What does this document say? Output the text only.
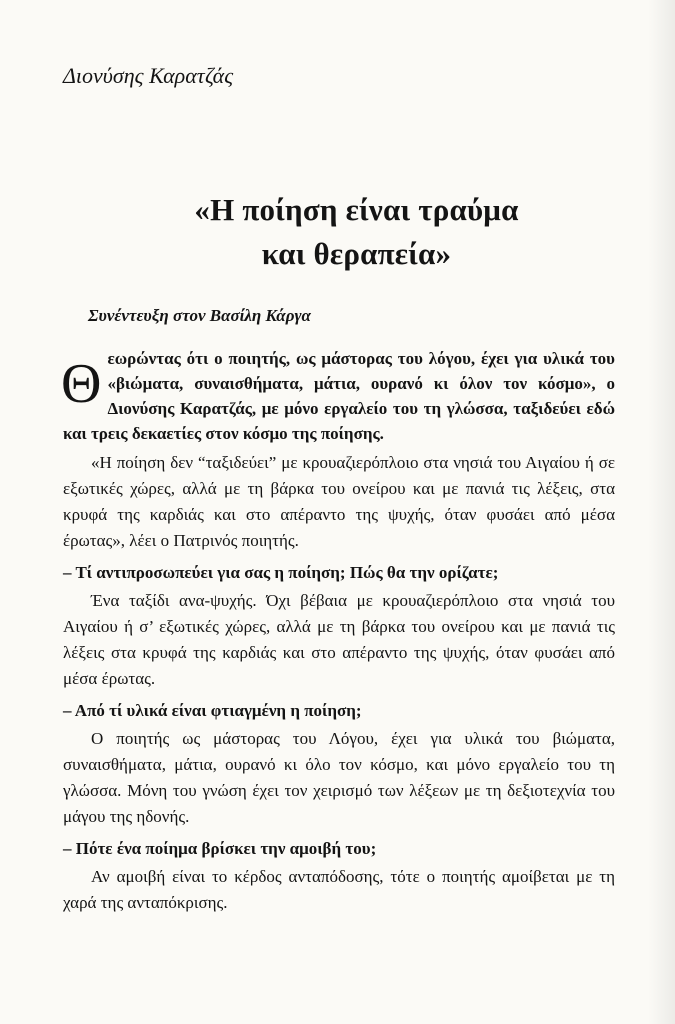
Διονύσης Καρατζάς
«Η ποίηση είναι τραύμα
και θεραπεία»
Συνέντευξη στον Βασίλη Κάργα
Θ εωρώντας ότι ο ποιητής, ως μάστορας του λόγου, έχει για υλικά του «βιώματα, συναισθήματα, μάτια, ουρανό κι όλον τον κόσμο», ο Διονύσης Καρατζάς, με μόνο εργαλείο του τη γλώσσα, ταξιδεύει εδώ και τρεις δεκαετίες στον κόσμο της ποίησης.

«Η ποίηση δεν “ταξιδεύει” με κρουαζιερόπλοιο στα νησιά του Αιγαίου ή σε εξωτικές χώρες, αλλά με τη βάρκα του ονείρου και με πανιά τις λέξεις, στα κρυφά της καρδιάς και στο απέραντο της ψυχής, όταν φυσάει από μέσα έρωτας», λέει ο Πατρινός ποιητής.

– Τί αντιπροσωπεύει για σας η ποίηση; Πώς θα την ορίζατε;

Ένα ταξίδι ανα-ψυχής. Όχι βέβαια με κρουαζιερόπλοιο στα νησιά του Αιγαίου ή σ’ εξωτικές χώρες, αλλά με τη βάρκα του ονείρου και με πανιά τις λέξεις στα κρυφά της καρδιάς και στο απέραντο της ψυχής, όταν φυσάει από μέσα έρωτας.

– Από τί υλικά είναι φτιαγμένη η ποίηση;

Ο ποιητής ως μάστορας του Λόγου, έχει για υλικά του βιώματα, συναισθήματα, μάτια, ουρανό κι όλο τον κόσμο, και μόνο εργαλείο του τη γλώσσα. Μόνη του γνώση έχει τον χειρισμό των λέξεων με τη δεξιοτεχνία του μάγου της ηδονής.

– Πότε ένα ποίημα βρίσκει την αμοιβή του;

Αν αμοιβή είναι το κέρδος ανταπόδοσης, τότε ο ποιητής αμοίβεται με τη χαρά της ανταπόκρισης.
